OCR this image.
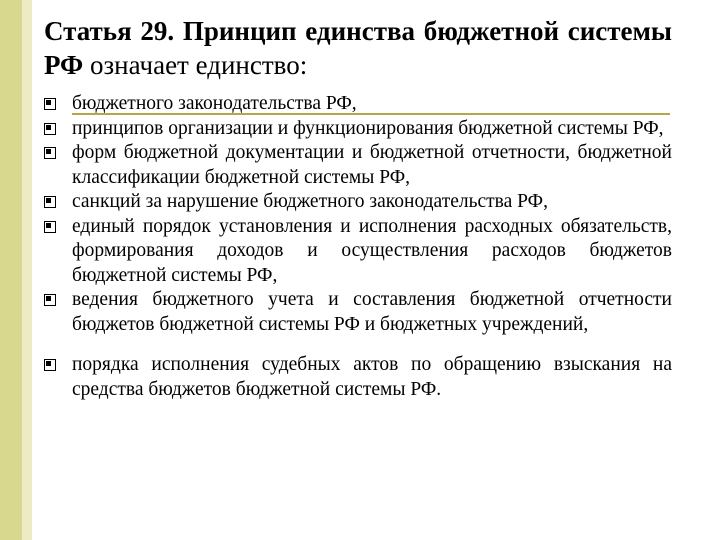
Статья 29. Принцип единства бюджетной системы РФ означает единство:
бюджетного законодательства РФ,
принципов организации и функционирования бюджетной системы РФ,
форм бюджетной документации и бюджетной отчетности, бюджетной классификации бюджетной системы РФ,
санкций за нарушение бюджетного законодательства РФ,
единый порядок установления и исполнения расходных обязательств, формирования доходов и осуществления расходов бюджетов бюджетной системы РФ,
ведения бюджетного учета и составления бюджетной отчетности бюджетов бюджетной системы РФ и бюджетных учреждений,
порядка исполнения судебных актов по обращению взыскания на средства бюджетов бюджетной системы РФ.
